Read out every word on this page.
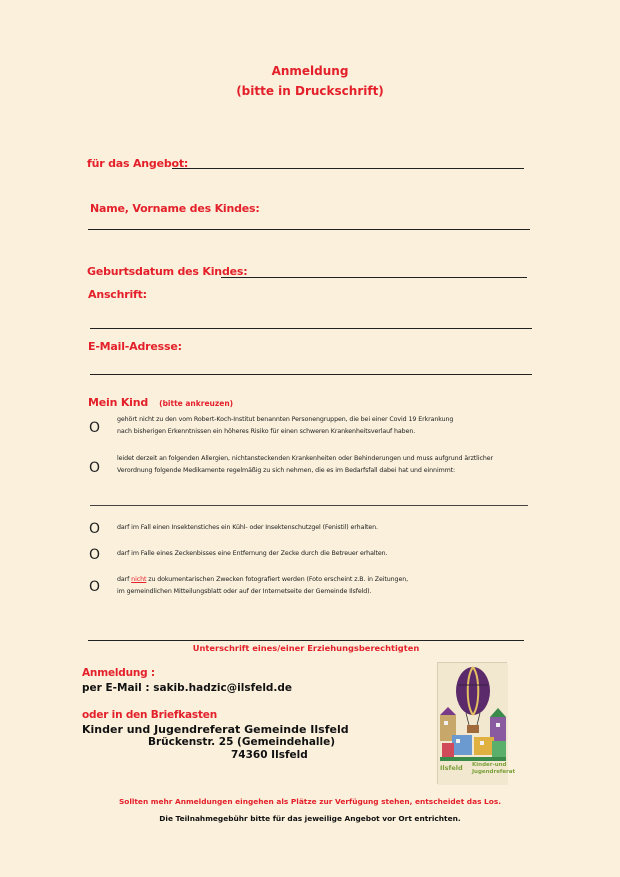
Anmeldung
(bitte in Druckschrift)
für das Angebot:
Name, Vorname des Kindes:
Geburtsdatum des Kindes:
Anschrift:
E-Mail-Adresse:
Mein Kind (bitte ankreuzen)
O
gehört nicht zu den vom Robert-Koch-Institut benannten Personengruppen, die bei einer Covid 19 Erkrankung
nach bisherigen Erkenntnissen ein höheres Risiko für einen schweren Krankenheitsverlauf haben.
O
leidet derzeit an folgenden Allergien, nichtansteckenden Krankenheiten oder Behinderungen und muss aufgrund ärztlicher
Verordnung folgende Medikamente regelmäßig zu sich nehmen, die es im Bedarfsfall dabei hat und einnimmt:
O	darf im Fall einen Insektenstiches ein Kühl- oder Insektenschutzgel (Fenistil) erhalten.
O	darf im Falle eines Zeckenbisses eine Entfernung der Zecke durch die Betreuer erhalten.
O	darf nicht zu dokumentarischen Zwecken fotografiert werden (Foto erscheint z.B. in Zeitungen,
im gemeindlichen Mitteilungsblatt oder auf der Internetseite der Gemeinde Ilsfeld).
Unterschrift eines/einer Erziehungsberechtigten
Anmeldung :
per E-Mail : sakib.hadzic@ilsfeld.de
oder in den Briefkasten
Kinder und Jugendreferat Gemeinde Ilsfeld
Brückenstr. 25 (Gemeindehalle)
74360 Ilsfeld
Ilsfeld Kinder-und
Jugendreferat
Sollten mehr Anmeldungen eingehen als Plätze zur Verfügung stehen, entscheidet das Los.
Die Teilnahmegebühr bitte für das jeweilige Angebot vor Ort entrichten.
